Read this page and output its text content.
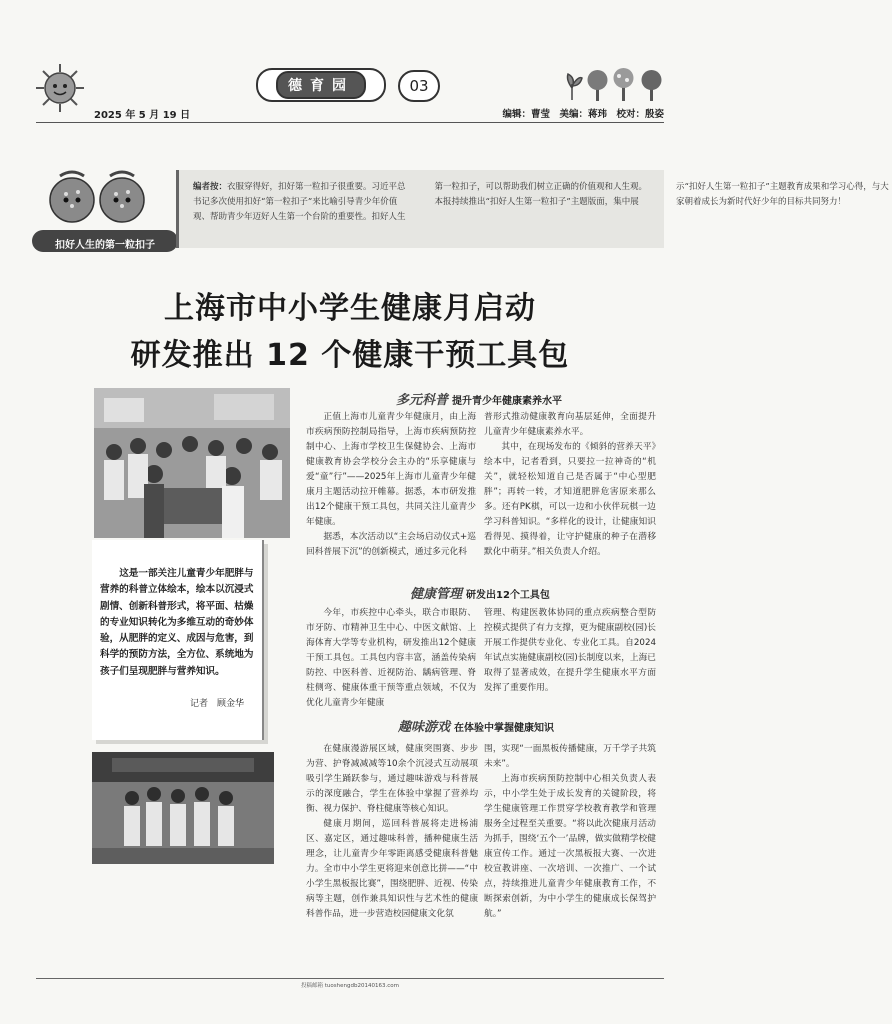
2025 年 5 月 19 日
德育园	03
编辑：曹莹　美编：蒋玮　校对：殷姿
扣好人生的第一粒扣子
编者按：衣服穿得好，扣好第一粒扣子很重要。习近平总书记多次使用扣好“第一粒扣子”来比喻引导青少年价值观、帮助青少年迈好人生第一个台阶的重要性。扣好人生第一粒扣子，可以帮助我们树立正确的价值观和人生观。本报持续推出“扣好人生第一粒扣子”主题版面，集中展示“扣好人生第一粒扣子”主题教育成果和学习心得，与大家朝着成长为新时代好少年的目标共同努力！
上海市中小学生健康月启动
研发推出 12 个健康干预工具包
这是一部关注儿童青少年肥胖与营养的科普立体绘本，绘本以沉浸式剧情、创新科普形式，将平面、枯燥的专业知识转化为多维互动的奇妙体验，从肥胖的定义、成因与危害，到科学的预防方法，全方位、系统地为孩子们呈现肥胖与营养知识。
记者　顾金华
多元科普 提升青少年健康素养水平

正值上海市儿童青少年健康月，由上海市疾病预防控制局指导，上海市疾病预防控制中心、上海市学校卫生保健协会、上海市健康教育协会学校分会主办的“乐享健康与爱“童”行”——2025年上海市儿童青少年健康月主题活动拉开帷幕。据悉，本市研发推出12个健康干预工具包，共同关注儿童青少年健康。

据悉，本次活动以“主会场启动仪式+巡回科普展下沉”的创新模式，通过多元化科

普形式推动健康教育向基层延伸，全面提升儿童青少年健康素养水平。

其中，在现场发布的《倾斜的营养天平》绘本中，记者看到，只要拉一拉神奇的“机关”，就轻松知道自己是否属于“中心型肥胖”；再转一转，才知道肥胖危害原来那么多。还有PK棋，可以一边和小伙伴玩棋一边学习科普知识。“多样化的设计，让健康知识看得见、摸得着，让守护健康的种子在潜移默化中萌芽。”相关负责人介绍。

健康管理 研发出12个工具包

今年，市疾控中心牵头，联合市眼防、市牙防、市精神卫生中心、中医文献馆、上海体育大学等专业机构，研发推出12个健康干预工具包。工具包内容丰富，涵盖传染病防控、中医科普、近视防治、龋病管理、脊柱侧弯、健康体重干预等重点领域，不仅为优化儿童青少年健康

管理、构建医教体协同的重点疾病整合型防控模式提供了有力支撑，更为健康副校(园)长开展工作提供专业化、专业化工具。自2024年试点实施健康副校(园)长制度以来，上海已取得了显著成效，在提升学生健康水平方面发挥了重要作用。

趣味游戏 在体验中掌握健康知识

在健康漫游展区域，健康突围赛、步步为营、护脊减减减等10余个沉浸式互动展项吸引学生踊跃参与，通过趣味游戏与科普展示的深度融合，学生在体验中掌握了营养均衡、视力保护、脊柱健康等核心知识。

健康月期间，巡回科普展将走进杨浦区、嘉定区，通过趣味科普，播种健康生活理念，让儿童青少年零距离感受健康科普魅力。全市中小学生更将迎来创意比拼——“中小学生黑板报比赛”，围绕肥胖、近视、传染病等主题，创作兼具知识性与艺术性的健康科普作品，进一步营造校园健康文化氛

围，实现“一面黑板传播健康，万千学子共筑未来”。

上海市疾病预防控制中心相关负责人表示，中小学生处于成长发育的关键阶段，将学生健康管理工作贯穿学校教育教学和管理服务全过程至关重要。“将以此次健康月活动为抓手，围绕‘五个一’品牌，做实做精学校健康宣传工作。通过一次黑板报大赛、一次进校宣教讲座、一次培训、一次推广、一个试点，持续推进儿童青少年健康教育工作，不断探索创新，为中小学生的健康成长保驾护航。”

投稿邮箱 tuoshengdb20140163.com
